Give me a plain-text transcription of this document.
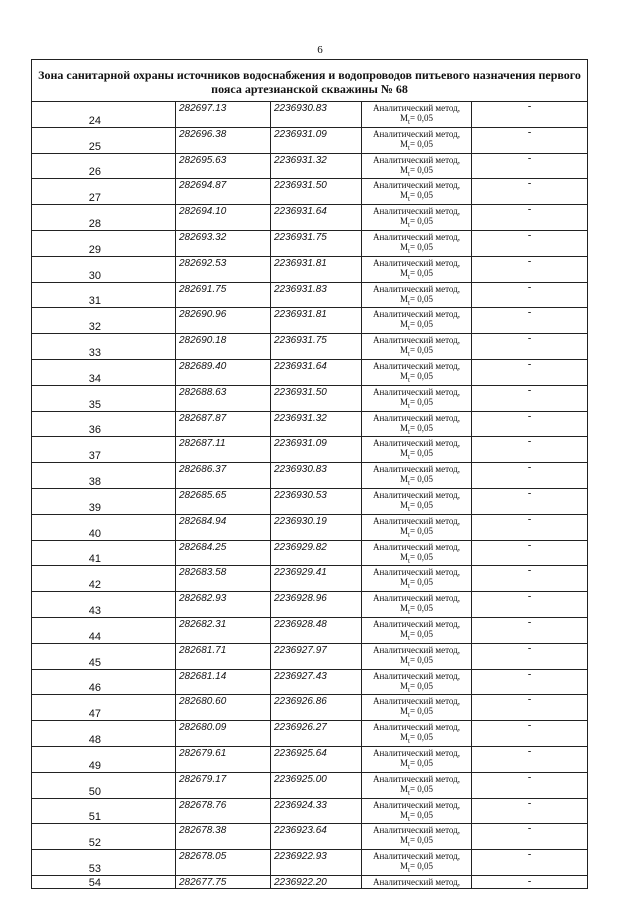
6
Зона санитарной охраны источников водоснабжения и водопроводов питьевого назначения первого пояса артезианской скважины № 68				

24	282697.13	2236930.83	Аналитический метод,
$M_t= 0,05$	-

25	282696.38	2236931.09	Аналитический метод,
$M_t= 0,05$	-

26	282695.63	2236931.32	Аналитический метод,
$M_t= 0,05$	-

27	282694.87	2236931.50	Аналитический метод,
$M_t= 0,05$	-

28	282694.10	2236931.64	Аналитический метод,
$M_t= 0,05$	-

29	282693.32	2236931.75	Аналитический метод,
$M_t= 0,05$	-

30	282692.53	2236931.81	Аналитический метод,
$M_t= 0,05$	-

31	282691.75	2236931.83	Аналитический метод,
$M_t= 0,05$	-

32	282690.96	2236931.81	Аналитический метод,
$M_t= 0,05$	-

33	282690.18	2236931.75	Аналитический метод,
$M_t= 0,05$	-

34	282689.40	2236931.64	Аналитический метод,
$M_t= 0,05$	-

35	282688.63	2236931.50	Аналитический метод,
$M_t= 0,05$	-

36	282687.87	2236931.32	Аналитический метод,
$M_t= 0,05$	-

37	282687.11	2236931.09	Аналитический метод,
$M_t= 0,05$	-

38	282686.37	2236930.83	Аналитический метод,
$M_t= 0,05$	-

39	282685.65	2236930.53	Аналитический метод,
$M_t= 0,05$	-

40	282684.94	2236930.19	Аналитический метод,
$M_t= 0,05$	-

41	282684.25	2236929.82	Аналитический метод,
$M_t= 0,05$	-

42	282683.58	2236929.41	Аналитический метод,
$M_t= 0,05$	-

43	282682.93	2236928.96	Аналитический метод,
$M_t= 0,05$	-

44	282682.31	2236928.48	Аналитический метод,
$M_t= 0,05$	-

45	282681.71	2236927.97	Аналитический метод,
$M_t= 0,05$	-

46	282681.14	2236927.43	Аналитический метод,
$M_t= 0,05$	-

47	282680.60	2236926.86	Аналитический метод,
$M_t= 0,05$	-

48	282680.09	2236926.27	Аналитический метод,
$M_t= 0,05$	-

49	282679.61	2236925.64	Аналитический метод,
$M_t= 0,05$	-

50	282679.17	2236925.00	Аналитический метод,
$M_t= 0,05$	-

51	282678.76	2236924.33	Аналитический метод,
$M_t= 0,05$	-

52	282678.38	2236923.64	Аналитический метод,
$M_t= 0,05$	-

53	282678.05	2236922.93	Аналитический метод,
$M_t= 0,05$	-

54	282677.75	2236922.20	Аналитический метод,	-
